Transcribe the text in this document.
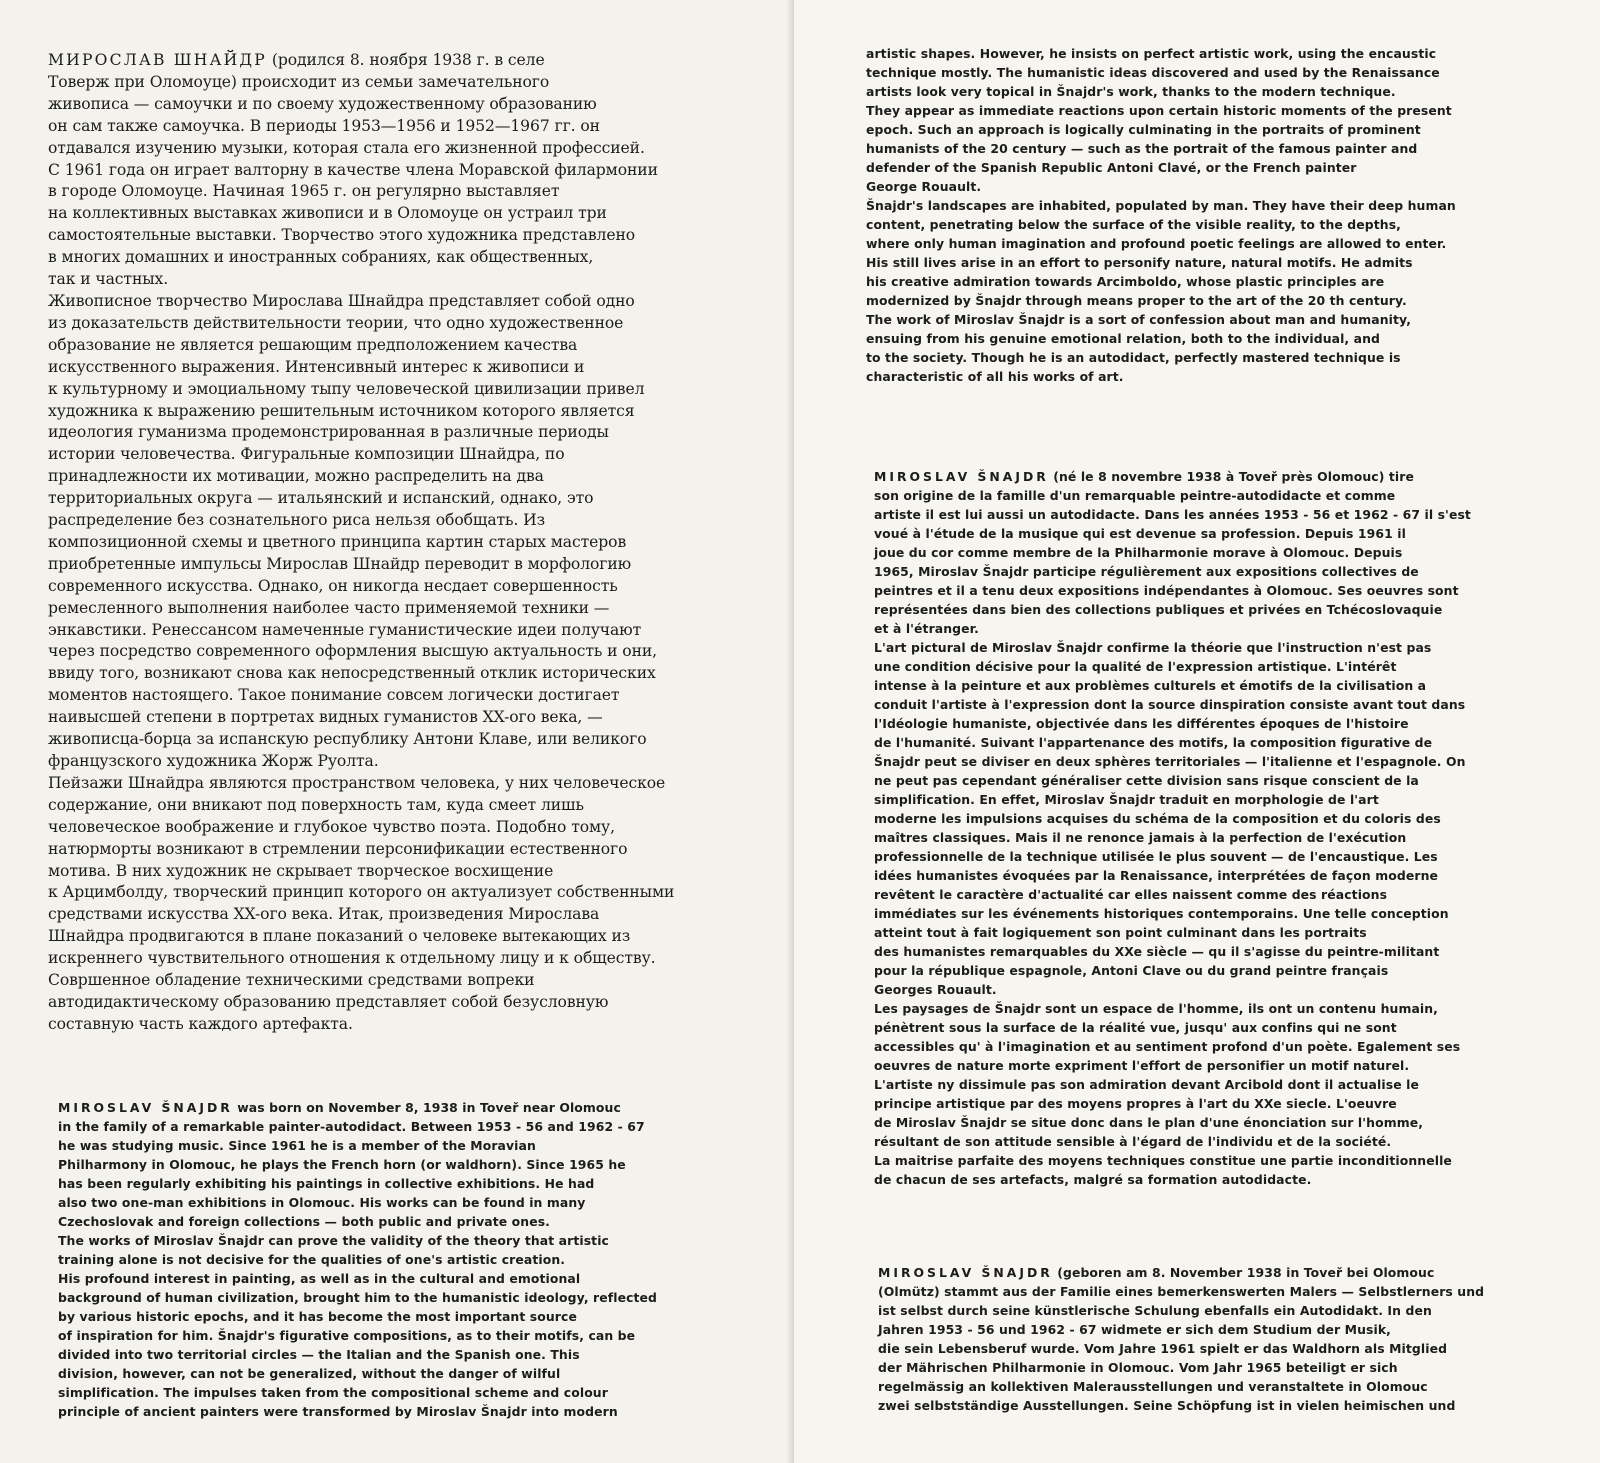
МИРОСЛАВ ШНАЙДР (родился 8. ноября 1938 г. в селе
Товерж при Оломоуце) происходит из семьи замечательного
живописа — самоучки и по своему художественному образованию
он сам также самоучка. В периоды 1953—1956 и 1952—1967 гг. он
отдавался изучению музыки, которая стала его жизненной профессией.
С 1961 года он играет валторну в качестве члена Моравской филармонии
в городе Оломоуце. Начиная 1965 г. он регулярно выставляет
на коллективных выставках живописи и в Оломоуце он устраил три
самостоятельные выставки. Творчество этого художника представлено
в многих домашних и иностранных собраниях, как общественных,
так и частных.
Живописное творчество Мирослава Шнайдра представляет собой одно
из доказательств действительности теории, что одно художественное
образование не является решающим предположением качества
искусственного выражения. Интенсивный интерес к живописи и
к культурному и эмоциальному тыпу человеческой цивилизации привел
художника к выражению решительным источником которого является
идеология гуманизма продемонстрированная в различные периоды
истории человечества. Фигуральные композиции Шнайдра, по
принадлежности их мотивации, можно распределить на два
территориальных округа — итальянский и испанский, однако, это
распределение без сознательного риса нельзя обобщать. Из
композиционной схемы и цветного принципа картин старых мастеров
приобретенные импульсы Мирослав Шнайдр переводит в морфологию
современного искусства. Однако, он никогда несдает совершенность
ремесленного выполнения наиболее часто применяемой техники —
энкавстики. Ренессансом намеченные гуманистические идеи получают
через посредство современного оформления высшую актуальность и они,
ввиду того, возникают снова как непосредственный отклик исторических
моментов настоящего. Такое понимание совсем логически достигает
наивысшей степени в портретах видных гуманистов XX-ого века, —
живописца-борца за испанскую республику Антони Клаве, или великого
французского художника Жорж Руолта.
Пейзажи Шнайдра являются пространством человека, у них человеческое
содержание, они вникают под поверхность там, куда смеет лишь
человеческое воображение и глубокое чувство поэта. Подобно тому,
натюрморты возникают в стремлении персонификации естественного
мотива. В них художник не скрывает творческое восхищение
к Арцимболду, творческий принцип которого он актуализует собственными
средствами искусства XX-ого века. Итак, произведения Мирослава
Шнайдра продвигаются в плане показаний о человеке вытекающих из
искреннего чувствительного отношения к отдельному лицу и к обществу.
Совршенное обладение техническими средствами вопреки
автодидактическому образованию представляет собой безусловную
составную часть каждого артефакта.
MIROSLAV ŠNAJDR was born on November 8, 1938 in Toveř near Olomouc
in the family of a remarkable painter-autodidact. Between 1953 - 56 and 1962 - 67
he was studying music. Since 1961 he is a member of the Moravian
Philharmony in Olomouc, he plays the French horn (or waldhorn). Since 1965 he
has been regularly exhibiting his paintings in collective exhibitions. He had
also two one-man exhibitions in Olomouc. His works can be found in many
Czechoslovak and foreign collections — both public and private ones.
The works of Miroslav Šnajdr can prove the validity of the theory that artistic
training alone is not decisive for the qualities of one's artistic creation.
His profound interest in painting, as well as in the cultural and emotional
background of human civilization, brought him to the humanistic ideology, reflected
by various historic epochs, and it has become the most important source
of inspiration for him. Šnajdr's figurative compositions, as to their motifs, can be
divided into two territorial circles — the Italian and the Spanish one. This
division, however, can not be generalized, without the danger of wilful
simplification. The impulses taken from the compositional scheme and colour
principle of ancient painters were transformed by Miroslav Šnajdr into modern
artistic shapes. However, he insists on perfect artistic work, using the encaustic
technique mostly. The humanistic ideas discovered and used by the Renaissance
artists look very topical in Šnajdr's work, thanks to the modern technique.
They appear as immediate reactions upon certain historic moments of the present
epoch. Such an approach is logically culminating in the portraits of prominent
humanists of the 20 century — such as the portrait of the famous painter and
defender of the Spanish Republic Antoni Clavé, or the French painter
George Rouault.
Šnajdr's landscapes are inhabited, populated by man. They have their deep human
content, penetrating below the surface of the visible reality, to the depths,
where only human imagination and profound poetic feelings are allowed to enter.
His still lives arise in an effort to personify nature, natural motifs. He admits
his creative admiration towards Arcimboldo, whose plastic principles are
modernized by Šnajdr through means proper to the art of the 20 th century.
The work of Miroslav Šnajdr is a sort of confession about man and humanity,
ensuing from his genuine emotional relation, both to the individual, and
to the society. Though he is an autodidact, perfectly mastered technique is
characteristic of all his works of art.
MIROSLAV ŠNAJDR (né le 8 novembre 1938 à Toveř près Olomouc) tire
son origine de la famille d'un remarquable peintre-autodidacte et comme
artiste il est lui aussi un autodidacte. Dans les années 1953 - 56 et 1962 - 67 il s'est
voué à l'étude de la musique qui est devenue sa profession. Depuis 1961 il
joue du cor comme membre de la Philharmonie morave à Olomouc. Depuis
1965, Miroslav Šnajdr participe régulièrement aux expositions collectives de
peintres et il a tenu deux expositions indépendantes à Olomouc. Ses oeuvres sont
représentées dans bien des collections publiques et privées en Tchécoslovaquie
et à l'étranger.
L'art pictural de Miroslav Šnajdr confirme la théorie que l'instruction n'est pas
une condition décisive pour la qualité de l'expression artistique. L'intérêt
intense à la peinture et aux problèmes culturels et émotifs de la civilisation a
conduit l'artiste à l'expression dont la source dinspiration consiste avant tout dans
l'Idéologie humaniste, objectivée dans les différentes époques de l'histoire
de l'humanité. Suivant l'appartenance des motifs, la composition figurative de
Šnajdr peut se diviser en deux sphères territoriales — l'italienne et l'espagnole. On
ne peut pas cependant généraliser cette division sans risque conscient de la
simplification. En effet, Miroslav Šnajdr traduit en morphologie de l'art
moderne les impulsions acquises du schéma de la composition et du coloris des
maîtres classiques. Mais il ne renonce jamais à la perfection de l'exécution
professionnelle de la technique utilisée le plus souvent — de l'encaustique. Les
idées humanistes évoquées par la Renaissance, interprétées de façon moderne
revêtent le caractère d'actualité car elles naissent comme des réactions
immédiates sur les événements historiques contemporains. Une telle conception
atteint tout à fait logiquement son point culminant dans les portraits
des humanistes remarquables du XXe siècle — qu il s'agisse du peintre-militant
pour la république espagnole, Antoni Clave ou du grand peintre français
Georges Rouault.
Les paysages de Šnajdr sont un espace de l'homme, ils ont un contenu humain,
pénètrent sous la surface de la réalité vue, jusqu' aux confins qui ne sont
accessibles qu' à l'imagination et au sentiment profond d'un poète. Egalement ses
oeuvres de nature morte expriment l'effort de personifier un motif naturel.
L'artiste ny dissimule pas son admiration devant Arcibold dont il actualise le
principe artistique par des moyens propres à l'art du XXe siecle. L'oeuvre
de Miroslav Šnajdr se situe donc dans le plan d'une énonciation sur l'homme,
résultant de son attitude sensible à l'égard de l'individu et de la société.
La maitrise parfaite des moyens techniques constitue une partie inconditionnelle
de chacun de ses artefacts, malgré sa formation autodidacte.
MIROSLAV ŠNAJDR (geboren am 8. November 1938 in Toveř bei Olomouc
(Olmütz) stammt aus der Familie eines bemerkenswerten Malers — Selbstlerners und
ist selbst durch seine künstlerische Schulung ebenfalls ein Autodidakt. In den
Jahren 1953 - 56 und 1962 - 67 widmete er sich dem Studium der Musik,
die sein Lebensberuf wurde. Vom Jahre 1961 spielt er das Waldhorn als Mitglied
der Mährischen Philharmonie in Olomouc. Vom Jahr 1965 beteiligt er sich
regelmässig an kollektiven Malerausstellungen und veranstaltete in Olomouc
zwei selbstständige Ausstellungen. Seine Schöpfung ist in vielen heimischen und
